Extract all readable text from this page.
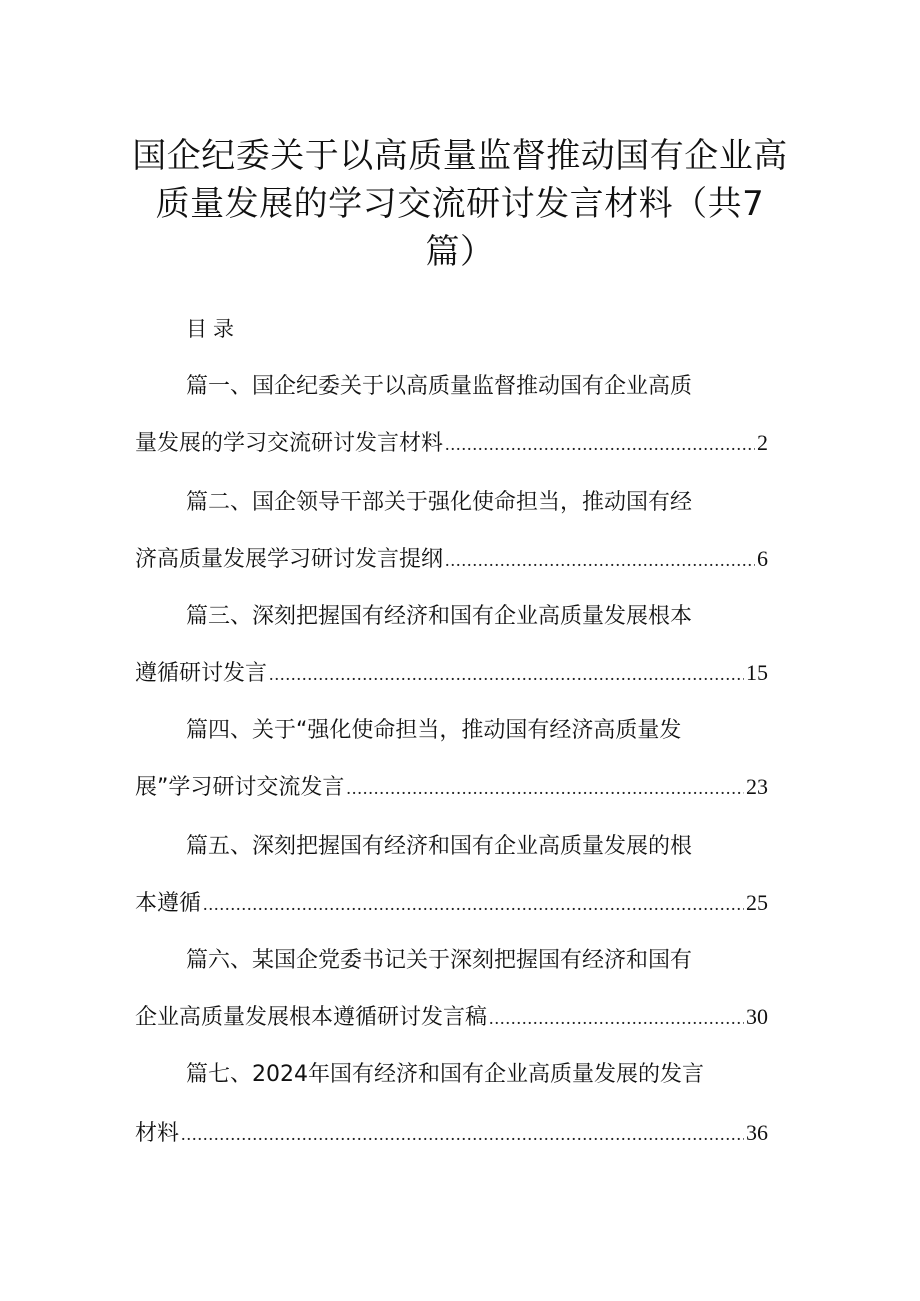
国企纪委关于以高质量监督推动国有企业高质量发展的学习交流研讨发言材料（共7篇）
目录
篇一、国企纪委关于以高质量监督推动国有企业高质
量发展的学习交流研讨发言材料 .....	2
篇二、国企领导干部关于强化使命担当，推动国有经
济高质量发展学习研讨发言提纲 .....	6
篇三、深刻把握国有经济和国有企业高质量发展根本
遵循研讨发言 .....	15
篇四、关于“强化使命担当，推动国有经济高质量发
展”学习研讨交流发言 .....	23
篇五、深刻把握国有经济和国有企业高质量发展的根
本遵循 .....	25
篇六、某国企党委书记关于深刻把握国有经济和国有
企业高质量发展根本遵循研讨发言稿 .....	30
篇七、2024年国有经济和国有企业高质量发展的发言
材料 .....	36
